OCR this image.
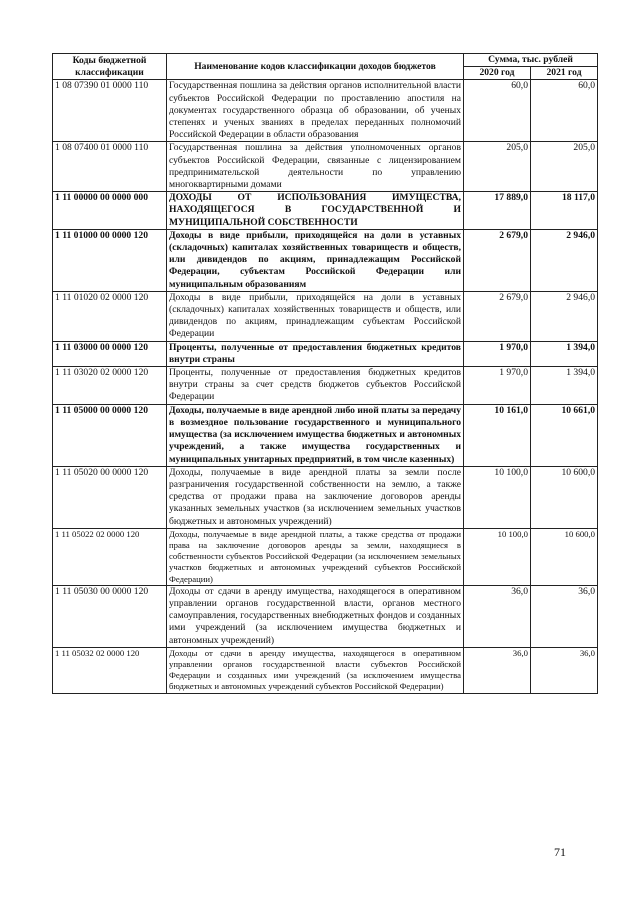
Коды бюджетной классификации	Наименование кодов классификации доходов бюджетов	Сумма, тыс. рублей	
		2020 год	2021 год
1 08 07390 01 0000 110	Государственная пошлина за действия органов исполнительной власти субъектов Российской Федерации по проставлению апостиля на документах государственного образца об образовании, об ученых степенях и ученых званиях в пределах переданных полномочий Российской Федерации в области образования	60,0	60,0
1 08 07400 01 0000 110	Государственная пошлина за действия уполномоченных органов субъектов Российской Федерации, связанные с лицензированием предпринимательской деятельности по управлению многоквартирными домами	205,0	205,0
1 11 00000 00 0000 000	ДОХОДЫ ОТ ИСПОЛЬЗОВАНИЯ ИМУЩЕСТВА, НАХОДЯЩЕГОСЯ В ГОСУДАРСТВЕННОЙ И МУНИЦИПАЛЬНОЙ СОБСТВЕННОСТИ	17 889,0	18 117,0
1 11 01000 00 0000 120	Доходы в виде прибыли, приходящейся на доли в уставных (складочных) капиталах хозяйственных товариществ и обществ, или дивидендов по акциям, принадлежащим Российской Федерации, субъектам Российской Федерации или муниципальным образованиям	2 679,0	2 946,0
1 11 01020 02 0000 120	Доходы в виде прибыли, приходящейся на доли в уставных (складочных) капиталах хозяйственных товариществ и обществ, или дивидендов по акциям, принадлежащим субъектам Российской Федерации	2 679,0	2 946,0
1 11 03000 00 0000 120	Проценты, полученные от предоставления бюджетных кредитов внутри страны	1 970,0	1 394,0
1 11 03020 02 0000 120	Проценты, полученные от предоставления бюджетных кредитов внутри страны за счет средств бюджетов субъектов Российской Федерации	1 970,0	1 394,0
1 11 05000 00 0000 120	Доходы, получаемые в виде арендной либо иной платы за передачу в возмездное пользование государственного и муниципального имущества (за исключением имущества бюджетных и автономных учреждений, а также имущества государственных и муниципальных унитарных предприятий, в том числе казенных)	10 161,0	10 661,0
1 11 05020 00 0000 120	Доходы, получаемые в виде арендной платы за земли после разграничения государственной собственности на землю, а также средства от продажи права на заключение договоров аренды указанных земельных участков (за исключением земельных участков бюджетных и автономных учреждений)	10 100,0	10 600,0
1 11 05022 02 0000 120	Доходы, получаемые в виде арендной платы, а также средства от продажи права на заключение договоров аренды за земли, находящиеся в собственности субъектов Российской Федерации (за исключением земельных участков бюджетных и автономных учреждений субъектов Российской Федерации)	10 100,0	10 600,0
1 11 05030 00 0000 120	Доходы от сдачи в аренду имущества, находящегося в оперативном управлении органов государственной власти, органов местного самоуправления, государственных внебюджетных фондов и созданных ими учреждений (за исключением имущества бюджетных и автономных учреждений)	36,0	36,0
1 11 05032 02 0000 120	Доходы от сдачи в аренду имущества, находящегося в оперативном управлении органов государственной власти субъектов Российской Федерации и созданных ими учреждений (за исключением имущества бюджетных и автономных учреждений субъектов Российской Федерации)	36,0	36,0
71
